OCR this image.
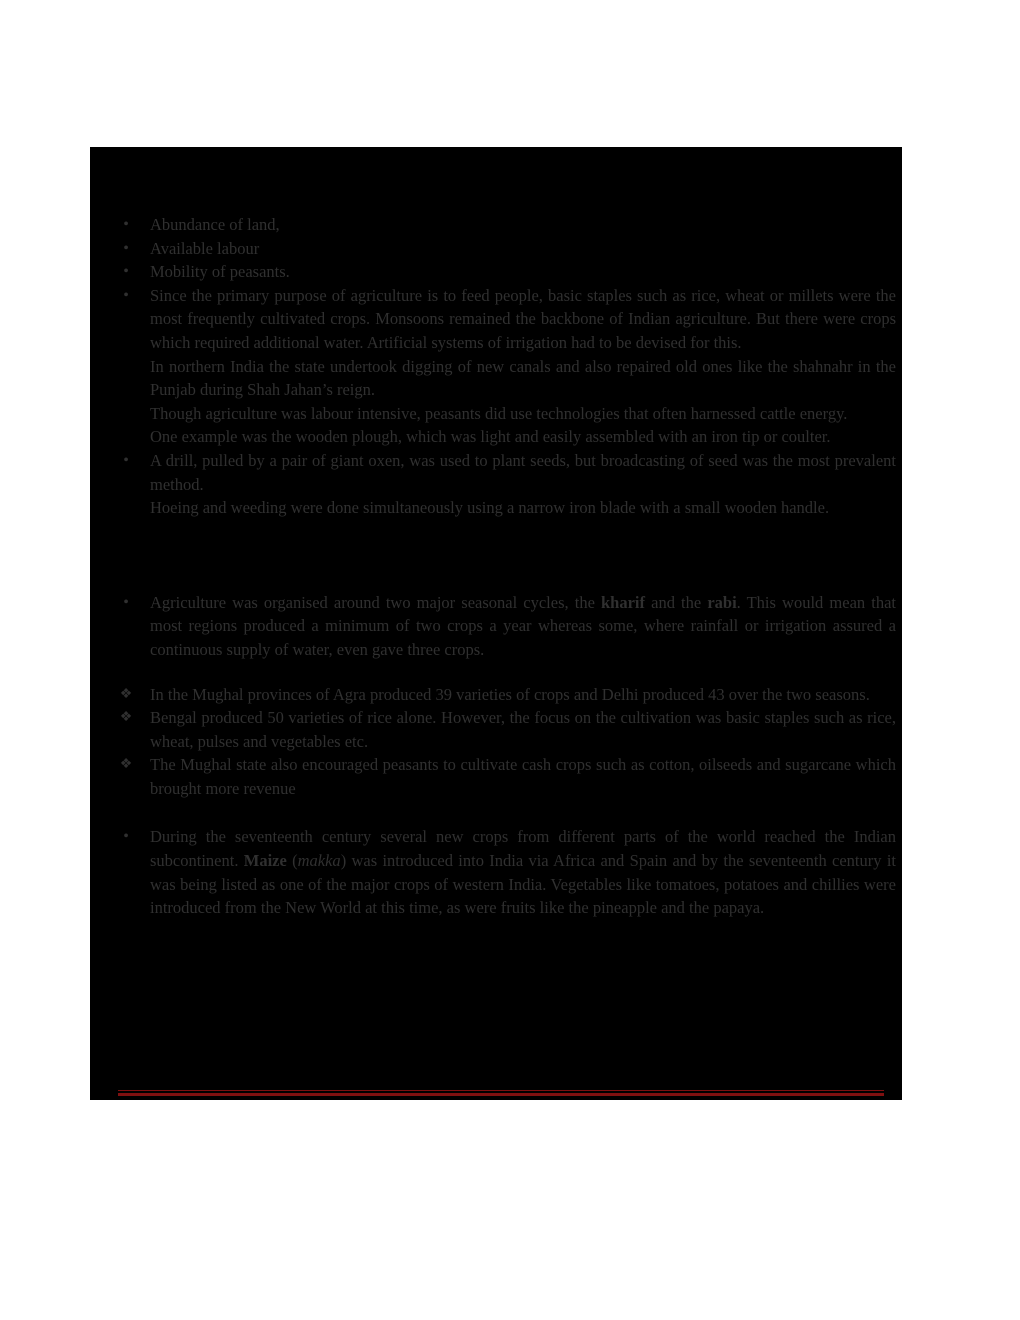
•	Abundance of land,
•	Available labour
•	Mobility of peasants.
•	Since the primary purpose of agriculture is to feed people, basic staples such as rice, wheat or millets were the most frequently cultivated crops. Monsoons remained the backbone of Indian agriculture. But there were crops which required additional water. Artificial systems of irrigation had to be devised for this.
In northern India the state undertook digging of new canals and also repaired old ones like the shahnahr in the Punjab during Shah Jahan’s reign.
Though agriculture was labour intensive, peasants did use technologies that often harnessed cattle energy.
One example was the wooden plough, which was light and easily assembled with an iron tip or coulter.
•	A drill, pulled by a pair of giant oxen, was used to plant seeds, but broadcasting of seed was the most prevalent method.
Hoeing and weeding were done simultaneously using a narrow iron blade with a small wooden handle.
•	Agriculture was organised around two major seasonal cycles, the kharif and the rabi. This would mean that most regions produced a minimum of two crops a year whereas some, where rainfall or irrigation assured a continuous supply of water, even gave three crops.
❖	In the Mughal provinces of Agra produced 39 varieties of crops and Delhi produced 43 over the two seasons.
❖	Bengal produced 50 varieties of rice alone. However, the focus on the cultivation was basic staples such as rice, wheat, pulses and vegetables etc.
❖	The Mughal state also encouraged peasants to cultivate cash crops such as cotton, oilseeds and sugarcane which brought more revenue
•	During the seventeenth century several new crops from different parts of the world reached the Indian subcontinent. Maize (makka) was introduced into India via Africa and Spain and by the seventeenth century it was being listed as one of the major crops of western India. Vegetables like tomatoes, potatoes and chillies were introduced from the New World at this time, as were fruits like the pineapple and the papaya.
